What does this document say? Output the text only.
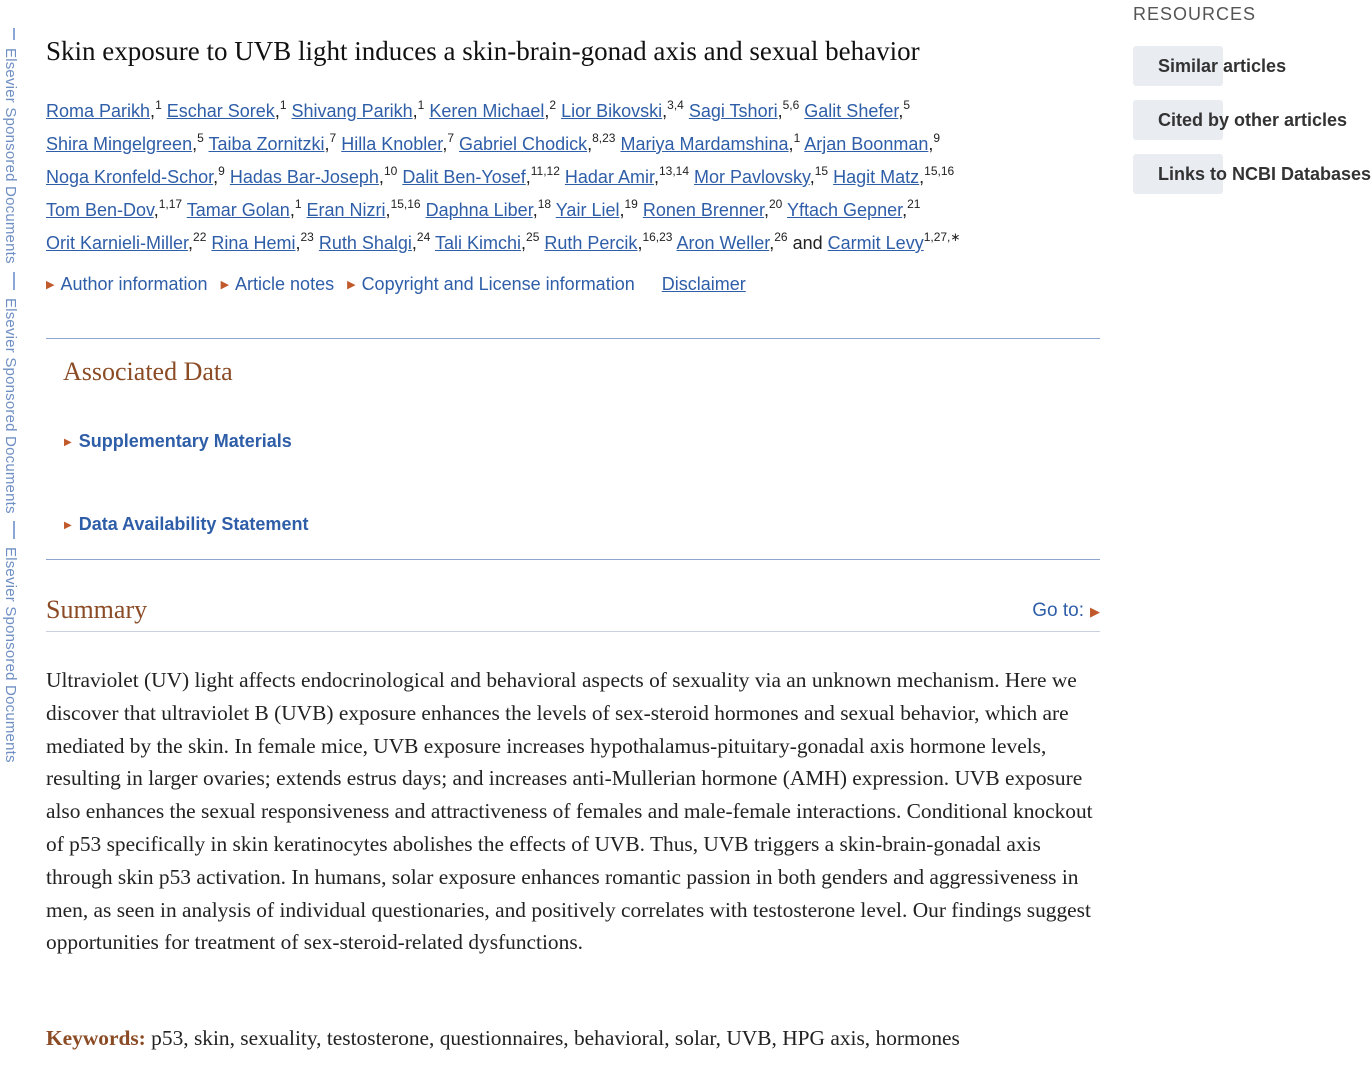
Elsevier Sponsored DocumentsElsevier Sponsored DocumentsElsevier Sponsored Documents
Skin exposure to UVB light induces a skin-brain-gonad axis and sexual behavior
Roma Parikh,$^1$ Eschar Sorek,$^1$ Shivang Parikh,$^1$ Keren Michael,$^2$ Lior Bikovski,$^{3,4}$ Sagi Tshori,$^{5,6}$ Galit Shefer,$^5$
Shira Mingelgreen,$^5$ Taiba Zornitzki,$^7$ Hilla Knobler,$^7$ Gabriel Chodick,$^{8,23}$ Mariya Mardamshina,$^1$ Arjan Boonman,$^9$
Noga Kronfeld-Schor,$^9$ Hadas Bar-Joseph,$^{10}$ Dalit Ben-Yosef,$^{11,12}$ Hadar Amir,$^{13,14}$ Mor Pavlovsky,$^{15}$ Hagit Matz,$^{15,16}$
Tom Ben-Dov,$^{1,17}$ Tamar Golan,$^1$ Eran Nizri,$^{15,16}$ Daphna Liber,$^{18}$ Yair Liel,$^{19}$ Ronen Brenner,$^{20}$ Yftach Gepner,$^{21}$
Orit Karnieli-Miller,$^{22}$ Rina Hemi,$^{23}$ Ruth Shalgi,$^{24}$ Tali Kimchi,$^{25}$ Ruth Percik,$^{16,23}$ Aron Weller,$^{26}$ and Carmit Levy$^{1,27,∗}$
▶ Author information ▶ Article notes ▶ Copyright and License information Disclaimer
Associated Data
▶ Supplementary Materials
▶ Data Availability Statement
Summary	Go to: ▶

Ultraviolet (UV) light affects endocrinological and behavioral aspects of sexuality via an unknown mechanism. Here we discover that ultraviolet B (UVB) exposure enhances the levels of sex-steroid hormones and sexual behavior, which are mediated by the skin. In female mice, UVB exposure increases hypothalamus-pituitary-gonadal axis hormone levels, resulting in larger ovaries; extends estrus days; and increases anti-Mullerian hormone (AMH) expression. UVB exposure also enhances the sexual responsiveness and attractiveness of females and male-female interactions. Conditional knockout of p53 specifically in skin keratinocytes abolishes the effects of UVB. Thus, UVB triggers a skin-brain-gonadal axis through skin p53 activation. In humans, solar exposure enhances romantic passion in both genders and aggressiveness in men, as seen in analysis of individual questionaries, and positively correlates with testosterone level. Our findings suggest opportunities for treatment of sex-steroid-related dysfunctions.

Keywords: p53, skin, sexuality, testosterone, questionnaires, behavioral, solar, UVB, HPG axis, hormones

RESOURCES
Similar articles
Cited by other articles
Links to NCBI Databases
